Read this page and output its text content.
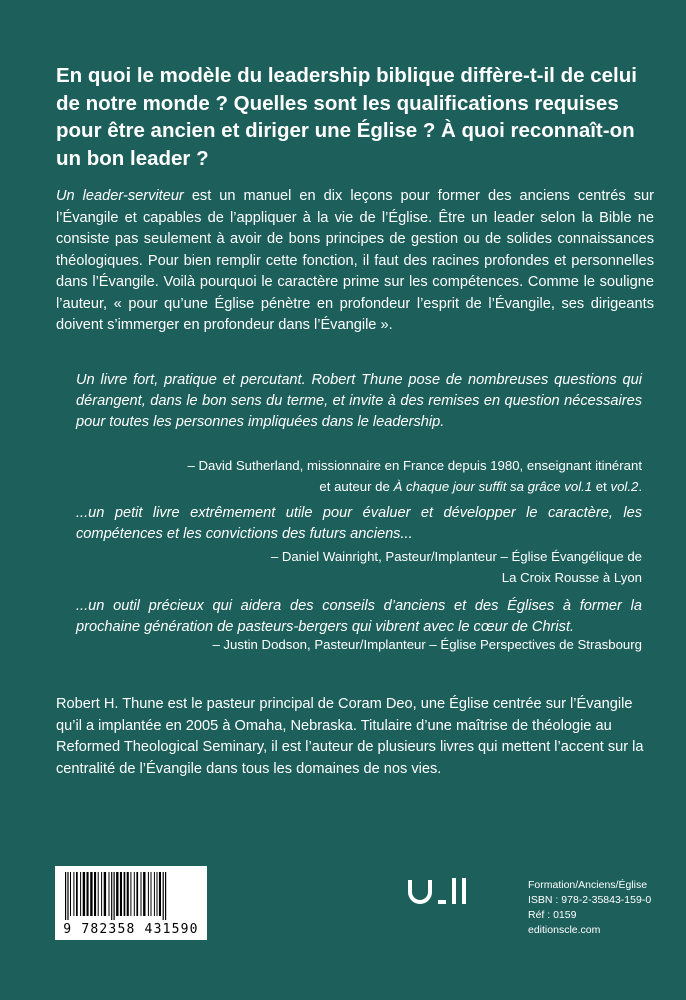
En quoi le modèle du leadership biblique diffère-t-il de celui de notre monde ? Quelles sont les qualifications requises pour être ancien et diriger une Église ? À quoi reconnaît-on un bon leader ?
Un leader-serviteur est un manuel en dix leçons pour former des anciens centrés sur l’Évangile et capables de l’appliquer à la vie de l’Église. Être un leader selon la Bible ne consiste pas seulement à avoir de bons principes de gestion ou de solides connaissances théologiques. Pour bien remplir cette fonction, il faut des racines profondes et personnelles dans l’Évangile. Voilà pourquoi le caractère prime sur les compétences. Comme le souligne l’auteur, « pour qu’une Église pénètre en profondeur l’esprit de l’Évangile, ses dirigeants doivent s’immerger en profondeur dans l’Évangile ».
Un livre fort, pratique et percutant. Robert Thune pose de nombreuses questions qui dérangent, dans le bon sens du terme, et invite à des remises en question nécessaires pour toutes les personnes impliquées dans le leadership.
– David Sutherland, missionnaire en France depuis 1980, enseignant itinérant
et auteur de À chaque jour suffit sa grâce vol.1 et vol.2.
...un petit livre extrêmement utile pour évaluer et développer le caractère, les compétences et les convictions des futurs anciens...
– Daniel Wainright, Pasteur/Implanteur – Église Évangélique de
La Croix Rousse à Lyon
...un outil précieux qui aidera des conseils d’anciens et des Églises à former la prochaine génération de pasteurs-bergers qui vibrent avec le cœur de Christ.
– Justin Dodson, Pasteur/Implanteur – Église Perspectives de Strasbourg
Robert H. Thune est le pasteur principal de Coram Deo, une Église centrée sur l’Évangile qu’il a implantée en 2005 à Omaha, Nebraska. Titulaire d’une maîtrise de théologie au Reformed Theological Seminary, il est l’auteur de plusieurs livres qui mettent l’accent sur la centralité de l’Évangile dans tous les domaines de nos vies.
9 782358 431590
Formation/Anciens/Église
ISBN : 978-2-35843-159-0
Réf : 0159
editionscle.com
